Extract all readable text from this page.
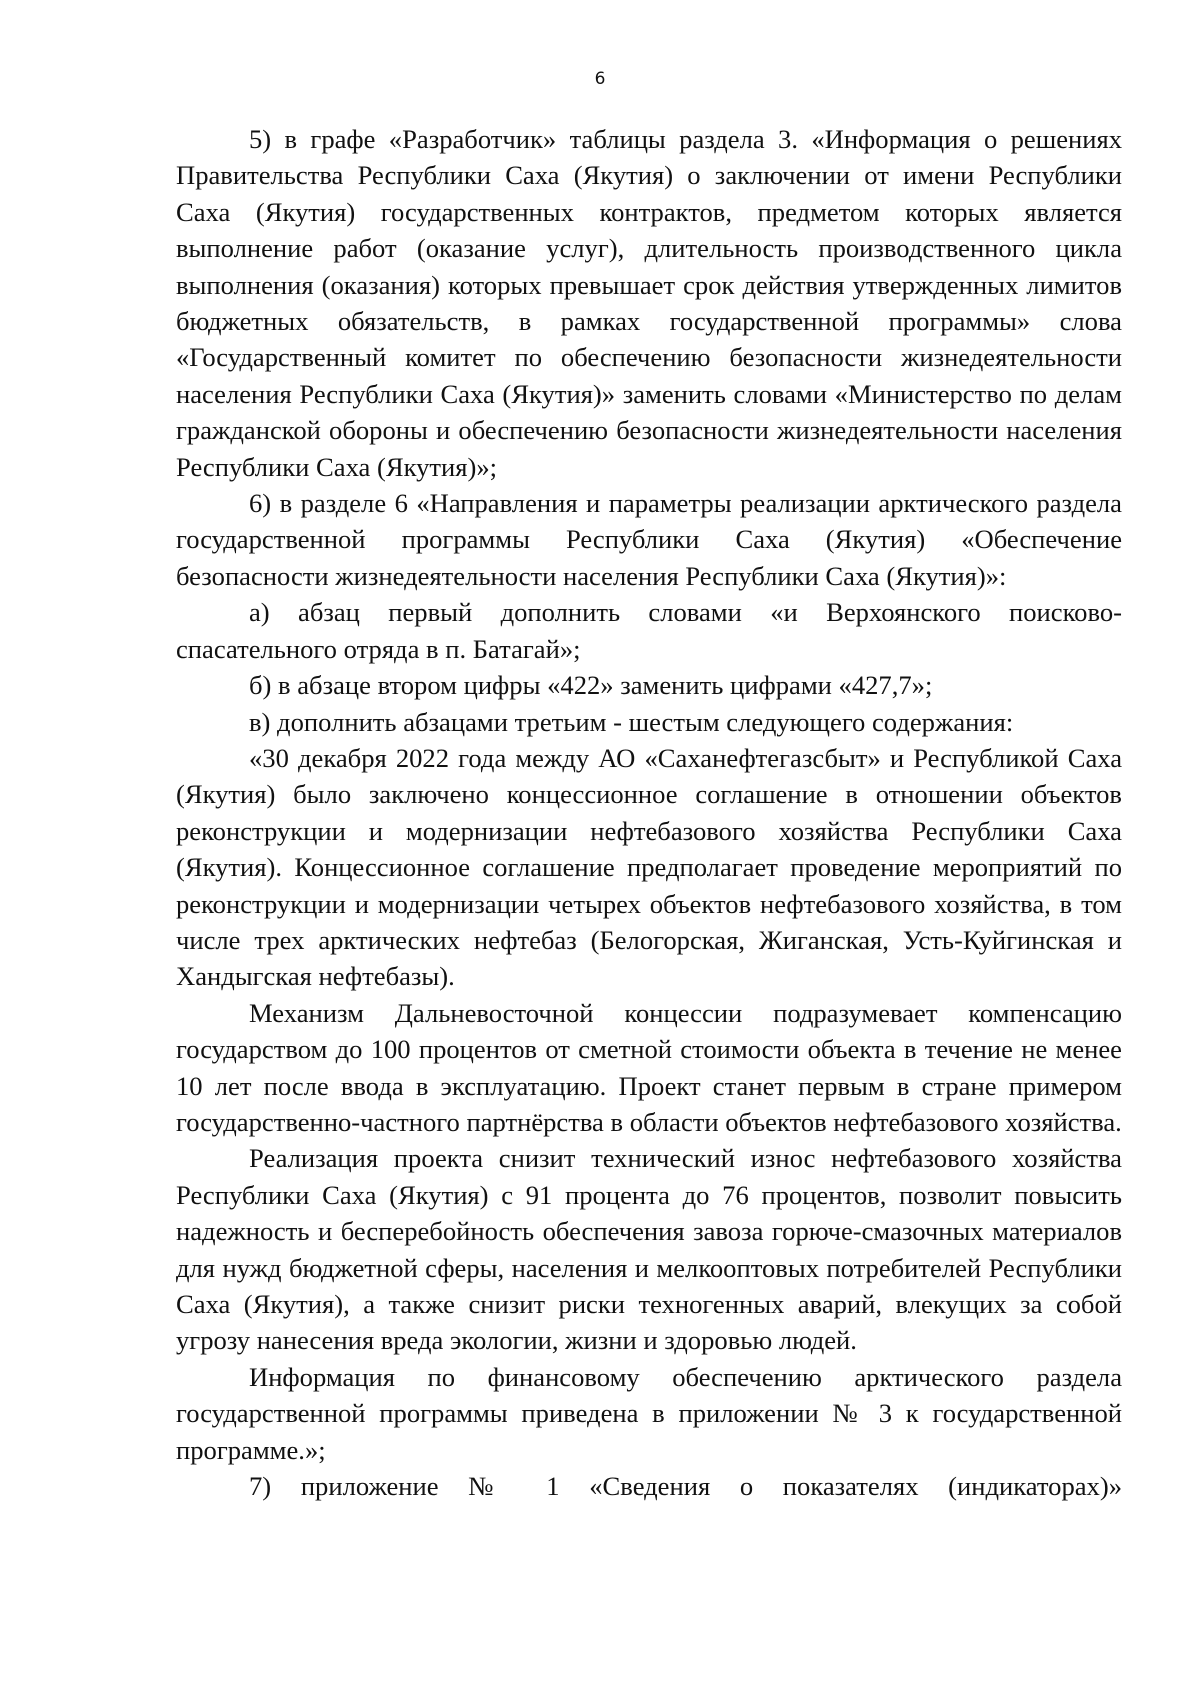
6

5) в графе «Разработчик» таблицы раздела 3. «Информация о решениях Правительства Республики Саха (Якутия) о заключении от имени Республики Саха (Якутия) государственных контрактов, предметом которых является выполнение работ (оказание услуг), длительность производственного цикла выполнения (оказания) которых превышает срок действия утвержденных лимитов бюджетных обязательств, в рамках государственной программы» слова «Государственный комитет по обеспечению безопасности жизнедеятельности населения Республики Саха (Якутия)» заменить словами «Министерство по делам гражданской обороны и обеспечению безопасности жизнедеятельности населения Республики Саха (Якутия)»;

6) в разделе 6 «Направления и параметры реализации арктического раздела государственной программы Республики Саха (Якутия) «Обеспечение безопасности жизнедеятельности населения Республики Саха (Якутия)»:

а) абзац первый дополнить словами «и Верхоянского поисково-спасательного отряда в п. Батагай»;

б) в абзаце втором цифры «422» заменить цифрами «427,7»;

в) дополнить абзацами третьим - шестым следующего содержания:

«30 декабря 2022 года между АО «Саханефтегазсбыт» и Республикой Саха (Якутия) было заключено концессионное соглашение в отношении объектов реконструкции и модернизации нефтебазового хозяйства Республики Саха (Якутия). Концессионное соглашение предполагает проведение мероприятий по реконструкции и модернизации четырех объектов нефтебазового хозяйства, в том числе трех арктических нефтебаз (Белогорская, Жиганская, Усть-Куйгинская и Хандыгская нефтебазы).

Механизм Дальневосточной концессии подразумевает компенсацию государством до 100 процентов от сметной стоимости объекта в течение не менее 10 лет после ввода в эксплуатацию. Проект станет первым в стране примером государственно-частного партнёрства в области объектов нефтебазового хозяйства.

Реализация проекта снизит технический износ нефтебазового хозяйства Республики Саха (Якутия) с 91 процента до 76 процентов, позволит повысить надежность и бесперебойность обеспечения завоза горюче-смазочных материалов для нужд бюджетной сферы, населения и мелкооптовых потребителей Республики Саха (Якутия), а также снизит риски техногенных аварий, влекущих за собой угрозу нанесения вреда экологии, жизни и здоровью людей.

Информация по финансовому обеспечению арктического раздела государственной программы приведена в приложении № 3 к государственной программе.»;

7) приложение № 1 «Сведения о показателях (индикаторах)»
